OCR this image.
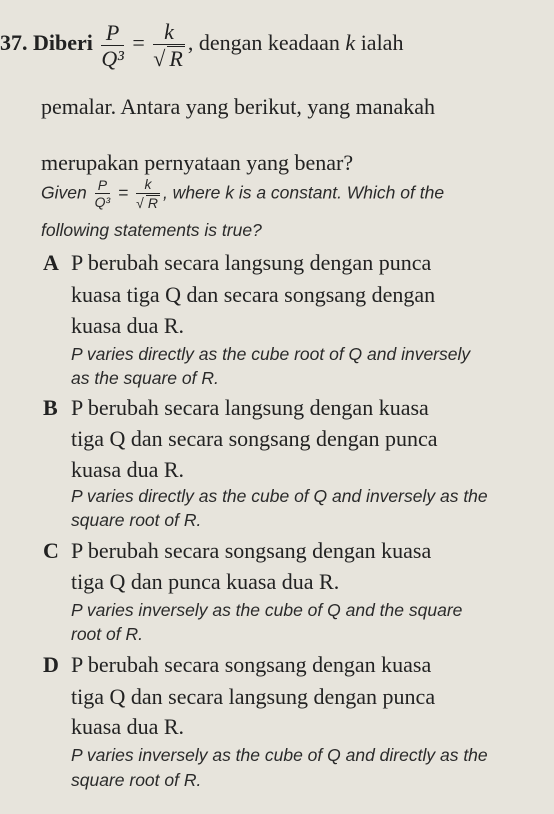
37. Diberi $\frac{P}{\text{Q³}} = \frac{k}{√ R}$ , dengan keadaan k ialah
pemalar. Antara yang berikut, yang manakah
merupakan pernyataan yang benar?
Given $\frac{P}{\text{Q³}} = \frac{k}{√ R}$ , where k is a constant. Which of the
following statements is true?
A P berubah secara langsung dengan punca
kuasa tiga Q dan secara songsang dengan
kuasa dua R.
P varies directly as the cube root of Q and inversely
as the square of R.
B P berubah secara langsung dengan kuasa
tiga Q dan secara songsang dengan punca
kuasa dua R.
P varies directly as the cube of Q and inversely as the
square root of R.
C P berubah secara songsang dengan kuasa
tiga Q dan punca kuasa dua R.
P varies inversely as the cube of Q and the square
root of R.
D P berubah secara songsang dengan kuasa
tiga Q dan secara langsung dengan punca
kuasa dua R.
P varies inversely as the cube of Q and directly as the
square root of R.
